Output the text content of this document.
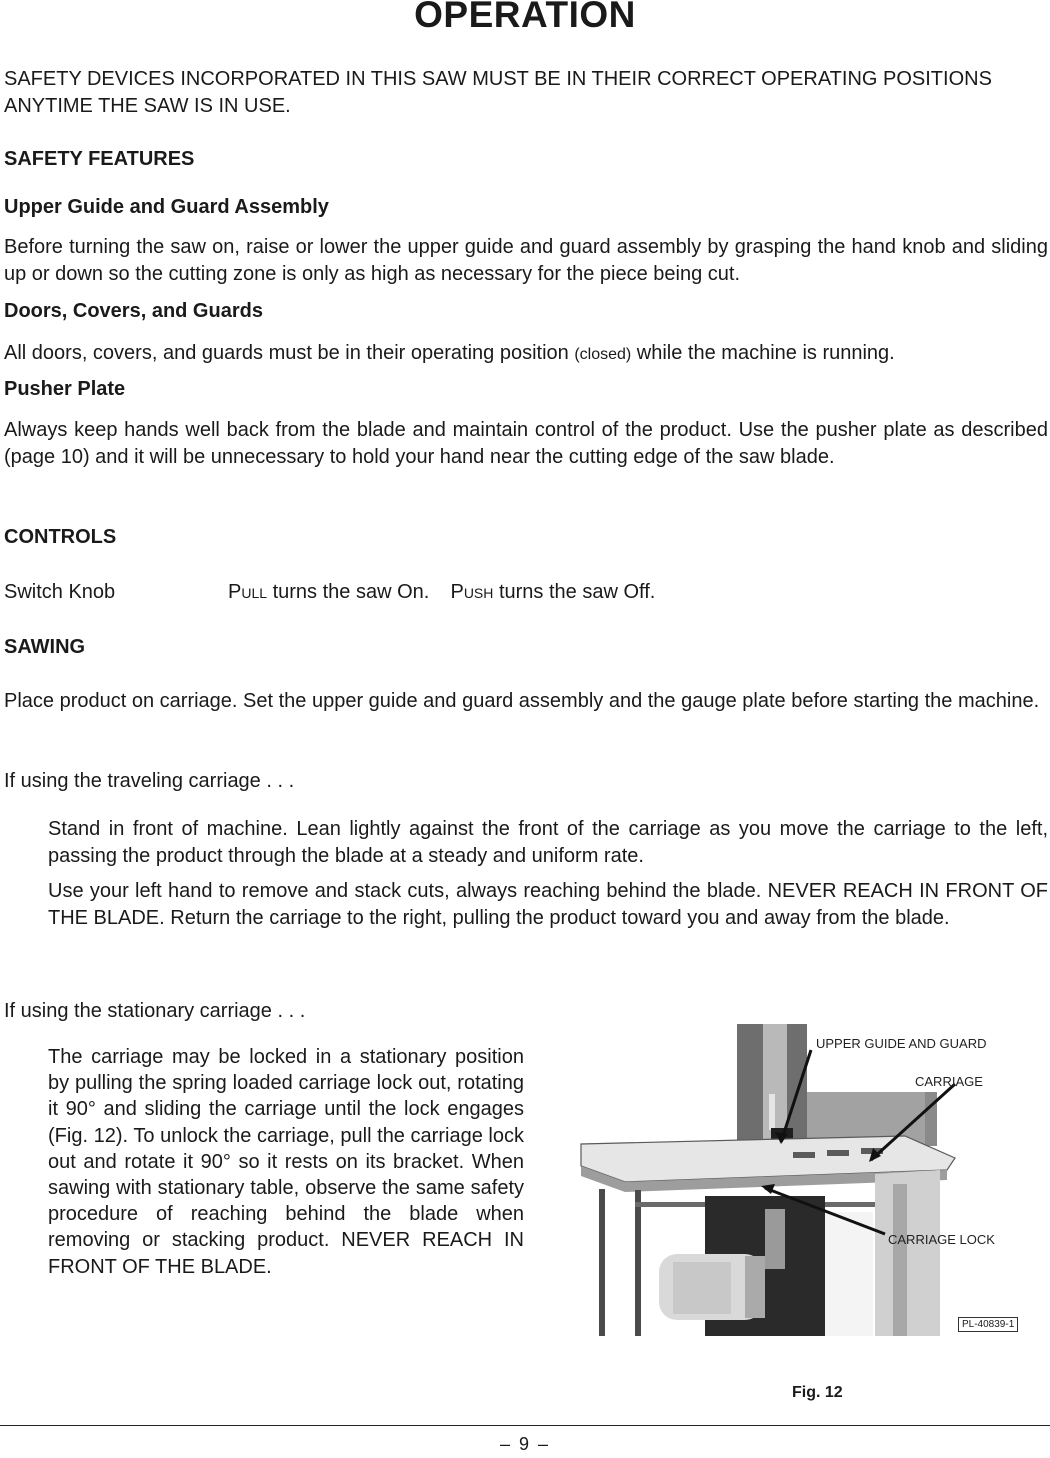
OPERATION
SAFETY DEVICES INCORPORATED IN THIS SAW MUST BE IN THEIR CORRECT OPERATING POSITIONS ANYTIME THE SAW IS IN USE.
SAFETY FEATURES
Upper Guide and Guard Assembly
Before turning the saw on, raise or lower the upper guide and guard assembly by grasping the hand knob and sliding up or down so the cutting zone is only as high as necessary for the piece being cut.
Doors, Covers, and Guards
All doors, covers, and guards must be in their operating position (closed) while the machine is running.
Pusher Plate
Always keep hands well back from the blade and maintain control of the product. Use the pusher plate as described (page 10) and it will be unnecessary to hold your hand near the cutting edge of the saw blade.
CONTROLS
Switch Knob	PULL turns the saw On. PUSH turns the saw Off.
SAWING
Place product on carriage. Set the upper guide and guard assembly and the gauge plate before starting the machine.
If using the traveling carriage . . .
Stand in front of machine. Lean lightly against the front of the carriage as you move the carriage to the left, passing the product through the blade at a steady and uniform rate.
Use your left hand to remove and stack cuts, always reaching behind the blade. NEVER REACH IN FRONT OF THE BLADE. Return the carriage to the right, pulling the product toward you and away from the blade.
If using the stationary carriage . . .
The carriage may be locked in a stationary position by pulling the spring loaded carriage lock out, rotating it 90° and sliding the carriage until the lock engages (Fig. 12). To unlock the carriage, pull the carriage lock out and rotate it 90° so it rests on its bracket. When sawing with stationary table, observe the same safety procedure of reaching behind the blade when removing or stacking product. NEVER REACH IN FRONT OF THE BLADE.
UPPER GUIDE AND GUARD
CARRIAGE
CARRIAGE LOCK
PL-40839-1
Fig. 12
– 9 –
